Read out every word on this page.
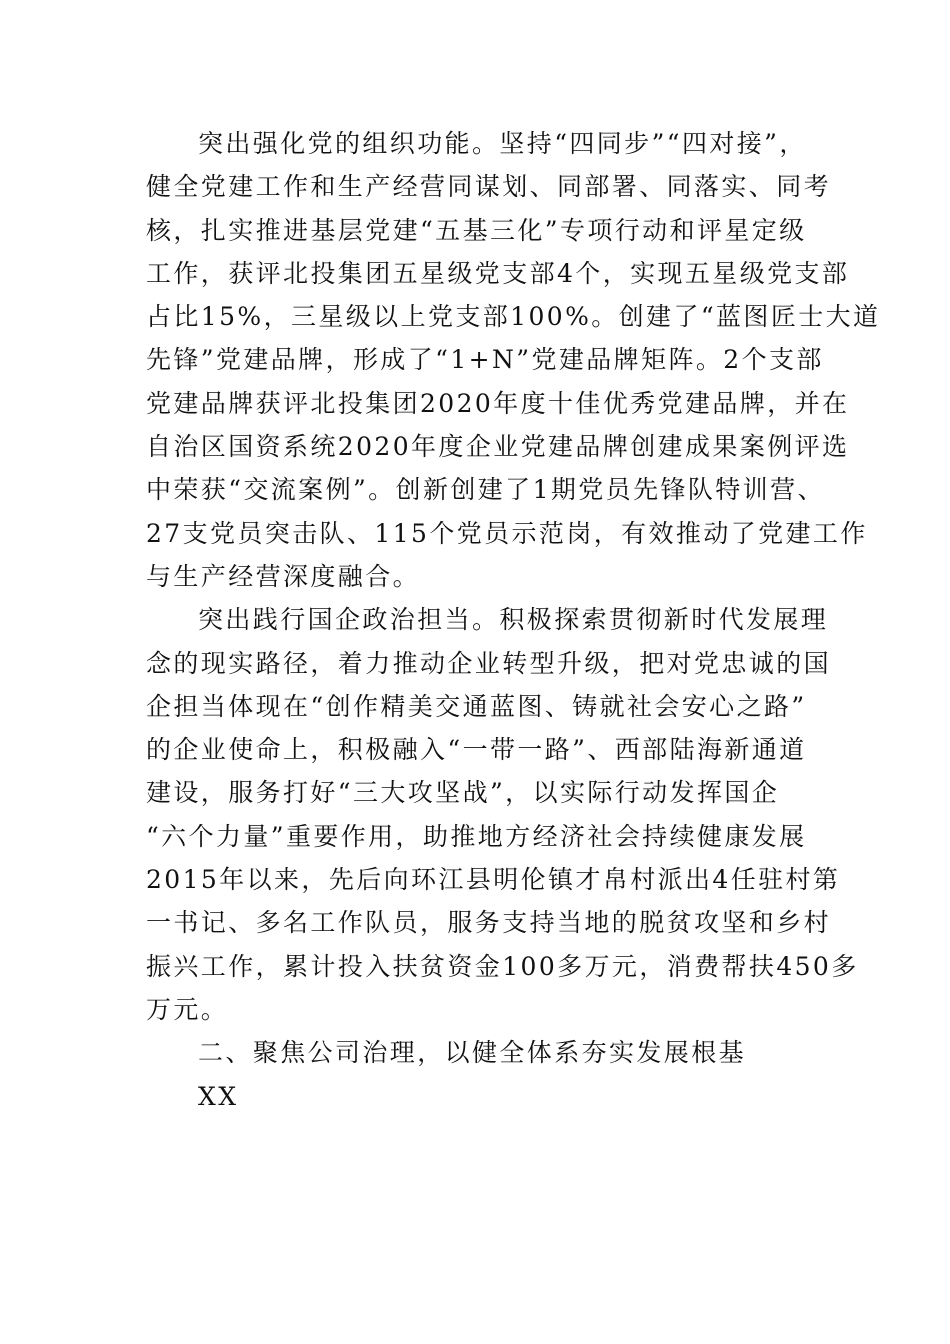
突出强化党的组织功能。坚持“四同步”“四对接”，
健全党建工作和生产经营同谋划、同部署、同落实、同考
核，扎实推进基层党建“五基三化”专项行动和评星定级
工作，获评北投集团五星级党支部4个，实现五星级党支部
占比15%，三星级以上党支部100%。创建了“蓝图匠士大道
先锋”党建品牌，形成了“1+N”党建品牌矩阵。2个支部
党建品牌获评北投集团2020年度十佳优秀党建品牌，并在
自治区国资系统2020年度企业党建品牌创建成果案例评选
中荣获“交流案例”。创新创建了1期党员先锋队特训营、
27支党员突击队、115个党员示范岗，有效推动了党建工作
与生产经营深度融合。
突出践行国企政治担当。积极探索贯彻新时代发展理
念的现实路径，着力推动企业转型升级，把对党忠诚的国
企担当体现在“创作精美交通蓝图、铸就社会安心之路”
的企业使命上，积极融入“一带一路”、西部陆海新通道
建设，服务打好“三大攻坚战”，以实际行动发挥国企
“六个力量”重要作用，助推地方经济社会持续健康发展
2015年以来，先后向环江县明伦镇才帛村派出4任驻村第
一书记、多名工作队员，服务支持当地的脱贫攻坚和乡村
振兴工作，累计投入扶贫资金100多万元，消费帮扶450多
万元。
二、聚焦公司治理，以健全体系夯实发展根基
XX
